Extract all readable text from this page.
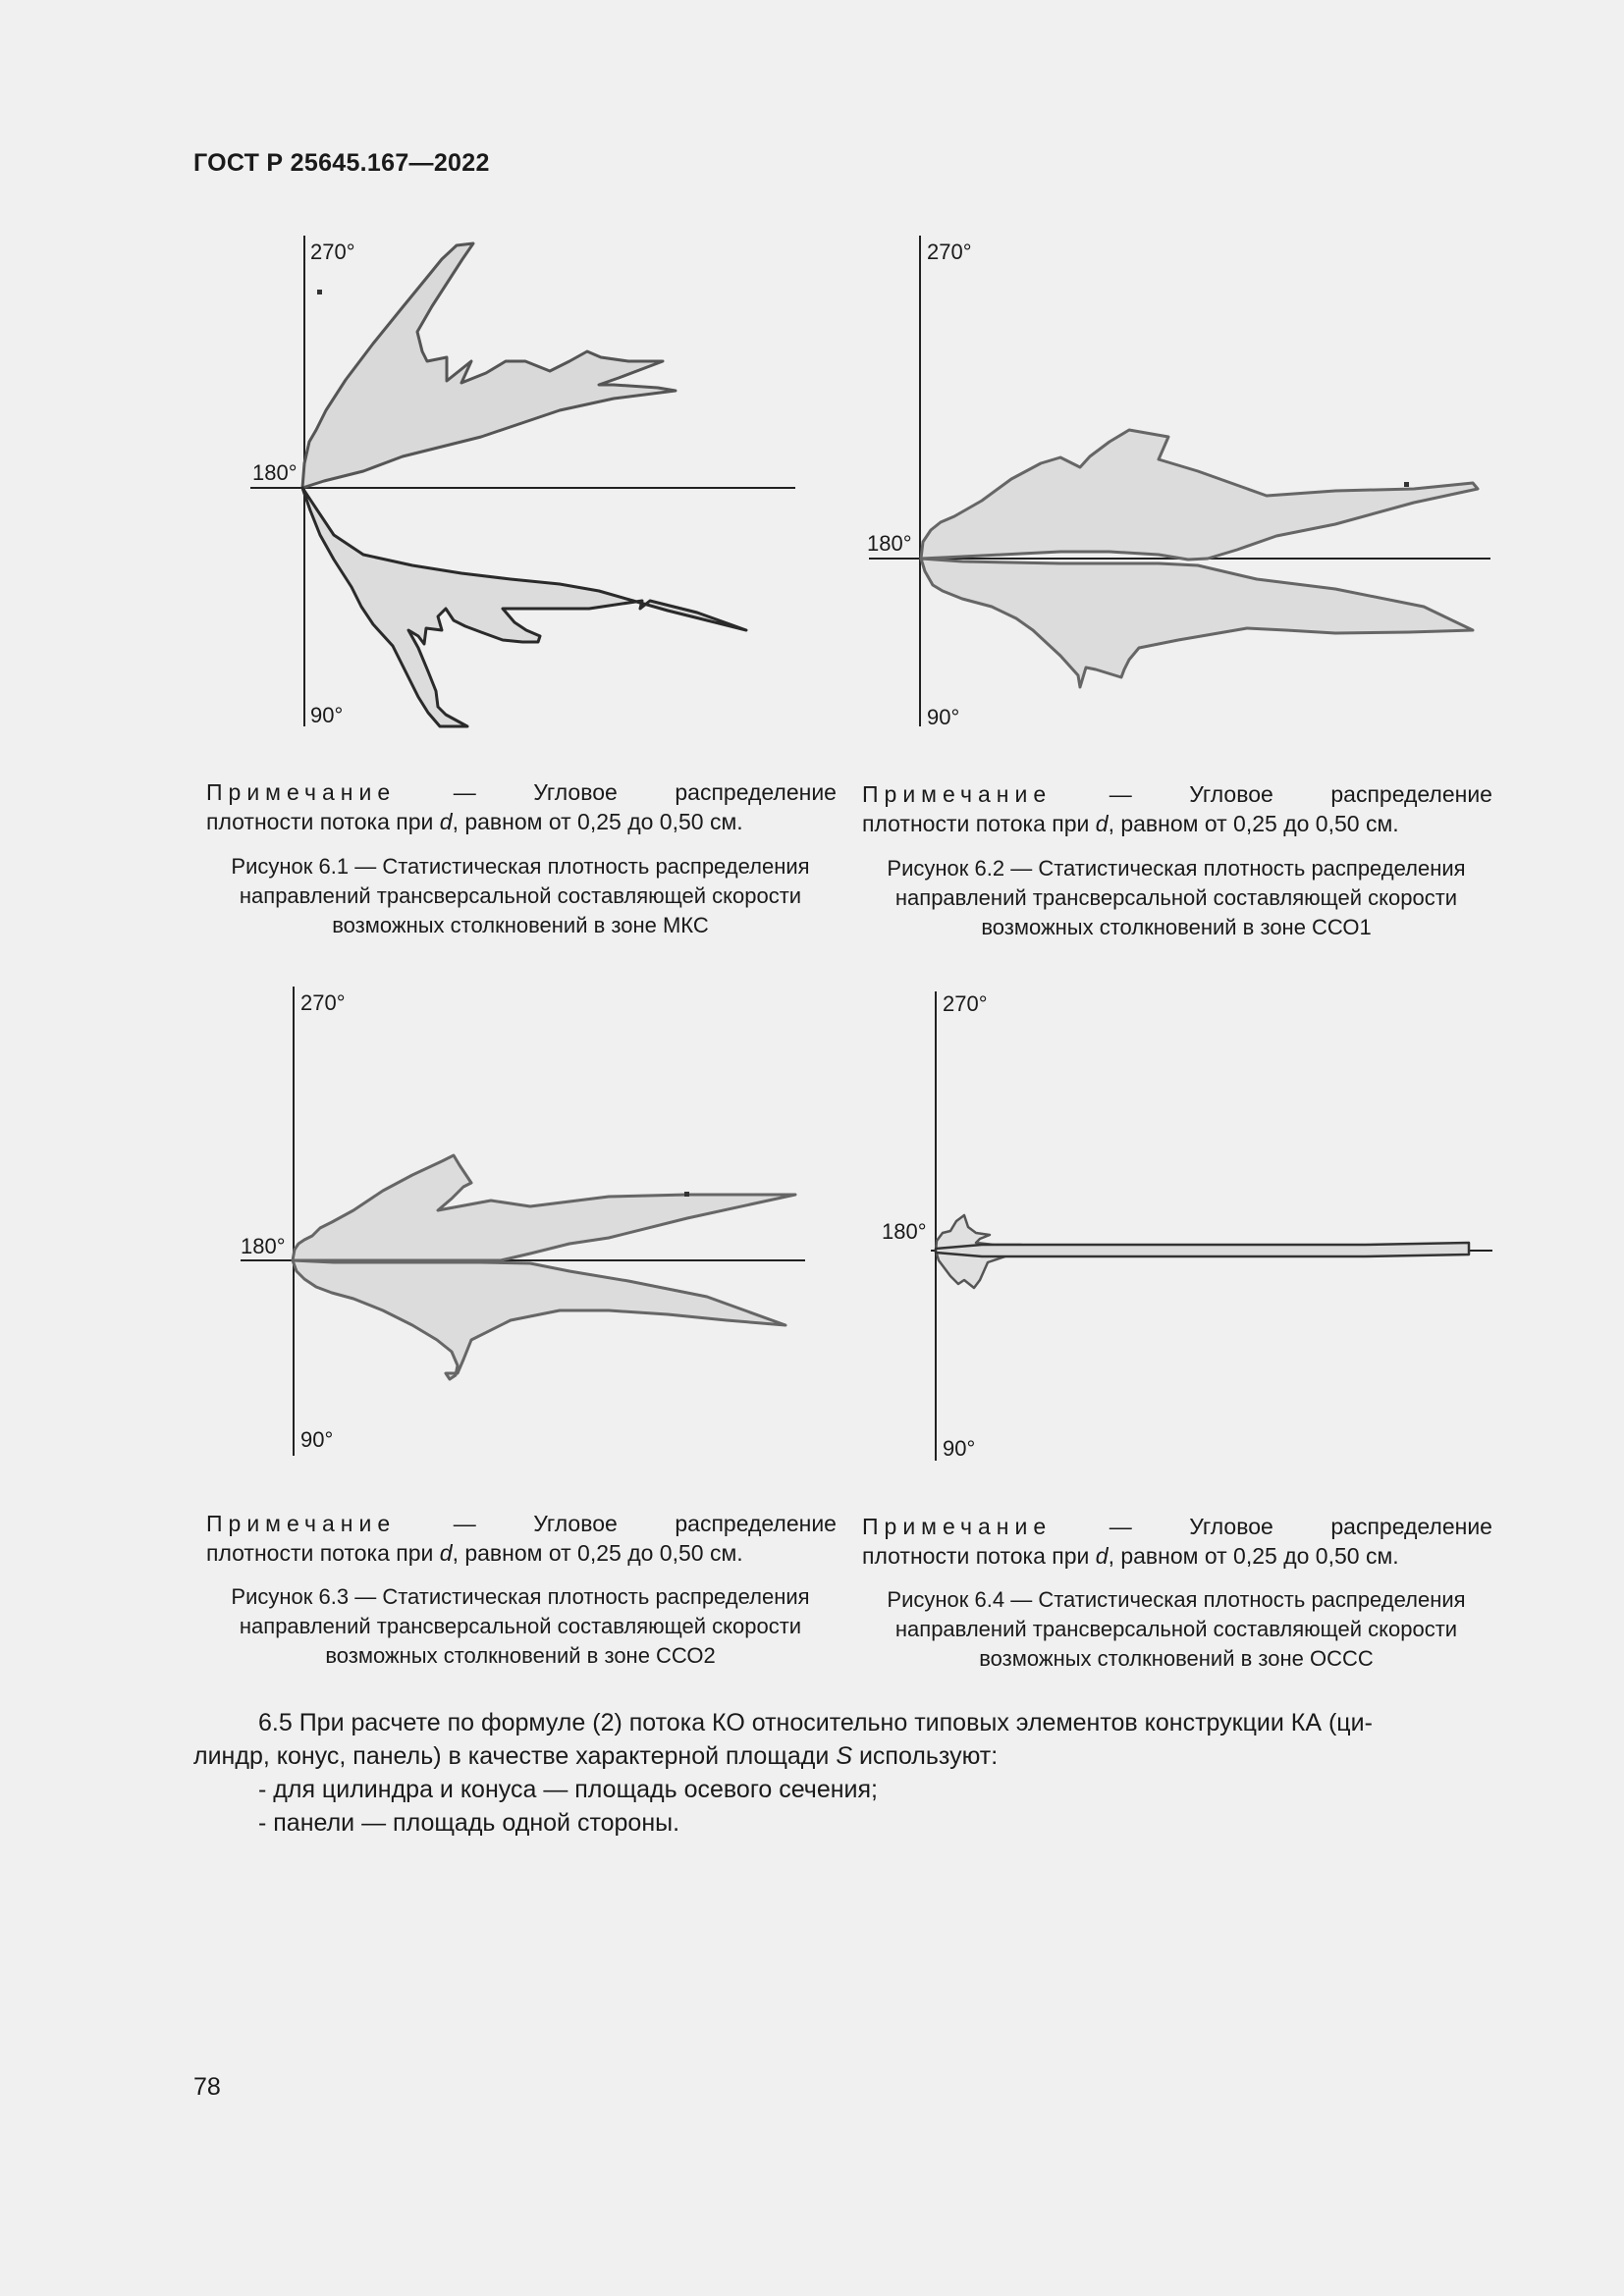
ГОСТ Р 25645.167—2022
270°
180°
90°
270°
180°
90°
Примечание	—	Угловое	распределение
плотности потока при d, равном от 0,25 до 0,50 см.
Рисунок 6.1 — Статистическая плотность распределения
направлений трансверсальной составляющей скорости
возможных столкновений в зоне МКС
Примечание	—	Угловое	распределение
плотности потока при d, равном от 0,25 до 0,50 см.
Рисунок 6.2 — Статистическая плотность распределения
направлений трансверсальной составляющей скорости
возможных столкновений в зоне ССО1
270°
180°
90°
270°
180°
90°
Примечание	—	Угловое	распределение
плотности потока при d, равном от 0,25 до 0,50 см.
Рисунок 6.3 — Статистическая плотность распределения
направлений трансверсальной составляющей скорости
возможных столкновений в зоне ССО2
Примечание	—	Угловое	распределение
плотности потока при d, равном от 0,25 до 0,50 см.
Рисунок 6.4 — Статистическая плотность распределения
направлений трансверсальной составляющей скорости
возможных столкновений в зоне ОССС
6.5 При расчете по формуле (2) потока КО относительно типовых элементов конструкции КА (ци-
линдр, конус, панель) в качестве характерной площади S используют:
- для цилиндра и конуса — площадь осевого сечения;
- панели — площадь одной стороны.
78
